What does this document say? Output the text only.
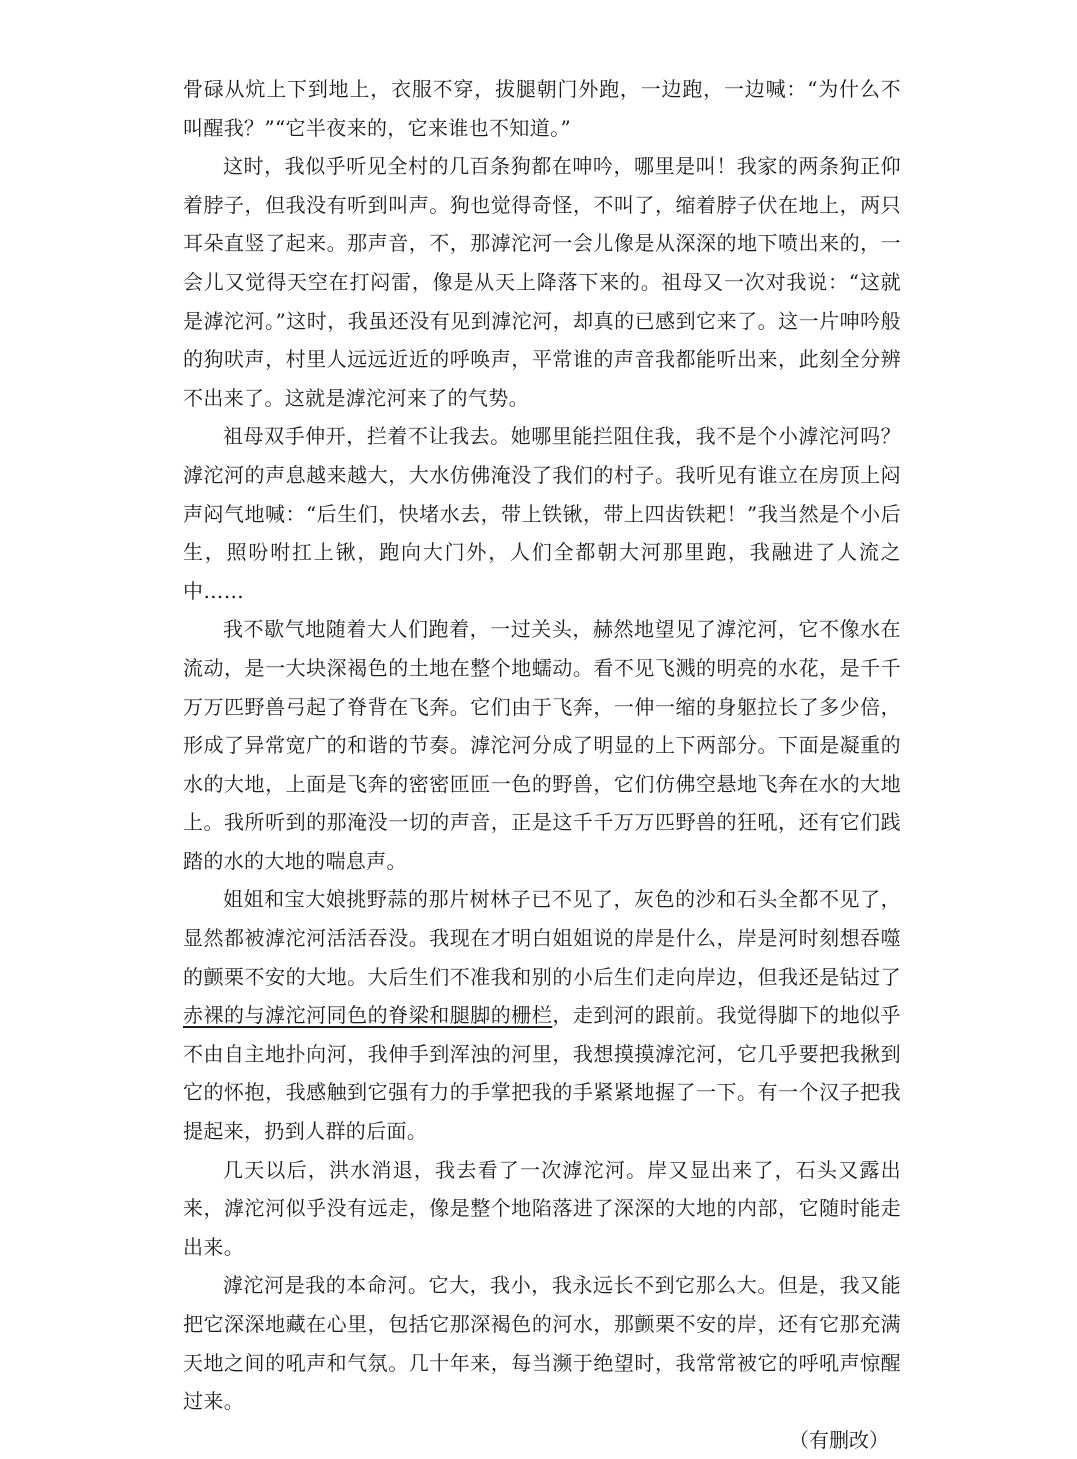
骨碌从炕上下到地上，衣服不穿，拔腿朝门外跑，一边跑，一边喊：“为什么不叫醒我？”“它半夜来的，它来谁也不知道。”

这时，我似乎听见全村的几百条狗都在呻吟，哪里是叫！我家的两条狗正仰着脖子，但我没有听到叫声。狗也觉得奇怪，不叫了，缩着脖子伏在地上，两只耳朵直竖了起来。那声音，不，那滹沱河一会儿像是从深深的地下喷出来的，一会儿又觉得天空在打闷雷，像是从天上降落下来的。祖母又一次对我说：“这就是滹沱河。”这时，我虽还没有见到滹沱河，却真的已感到它来了。这一片呻吟般的狗吠声，村里人远远近近的呼唤声，平常谁的声音我都能听出来，此刻全分辨不出来了。这就是滹沱河来了的气势。

祖母双手伸开，拦着不让我去。她哪里能拦阻住我，我不是个小滹沱河吗？滹沱河的声息越来越大，大水仿佛淹没了我们的村子。我听见有谁立在房顶上闷声闷气地喊：“后生们，快堵水去，带上铁锹，带上四齿铁耙！”我当然是个小后生，照吩咐扛上锹，跑向大门外，人们全都朝大河那里跑，我融进了人流之中……

我不歇气地随着大人们跑着，一过关头，赫然地望见了滹沱河，它不像水在流动，是一大块深褐色的土地在整个地蠕动。看不见飞溅的明亮的水花，是千千万万匹野兽弓起了脊背在飞奔。它们由于飞奔，一伸一缩的身躯拉长了多少倍，形成了异常宽广的和谐的节奏。滹沱河分成了明显的上下两部分。下面是凝重的水的大地，上面是飞奔的密密匝匝一色的野兽，它们仿佛空悬地飞奔在水的大地上。我所听到的那淹没一切的声音，正是这千千万万匹野兽的狂吼，还有它们践踏的水的大地的喘息声。

姐姐和宝大娘挑野蒜的那片树林子已不见了，灰色的沙和石头全都不见了，显然都被滹沱河活活吞没。我现在才明白姐姐说的岸是什么，岸是河时刻想吞噬的颤栗不安的大地。大后生们不准我和别的小后生们走向岸边，但我还是钻过了赤裸的与滹沱河同色的脊梁和腿脚的栅栏，走到河的跟前。我觉得脚下的地似乎不由自主地扑向河，我伸手到浑浊的河里，我想摸摸滹沱河，它几乎要把我揪到它的怀抱，我感触到它强有力的手掌把我的手紧紧地握了一下。有一个汉子把我提起来，扔到人群的后面。

几天以后，洪水消退，我去看了一次滹沱河。岸又显出来了，石头又露出来，滹沱河似乎没有远走，像是整个地陷落进了深深的大地的内部，它随时能走出来。

滹沱河是我的本命河。它大，我小，我永远长不到它那么大。但是，我又能把它深深地藏在心里，包括它那深褐色的河水，那颤栗不安的岸，还有它那充满天地之间的吼声和气氛。几十年来，每当濒于绝望时，我常常被它的呼吼声惊醒过来。

（有删改）
